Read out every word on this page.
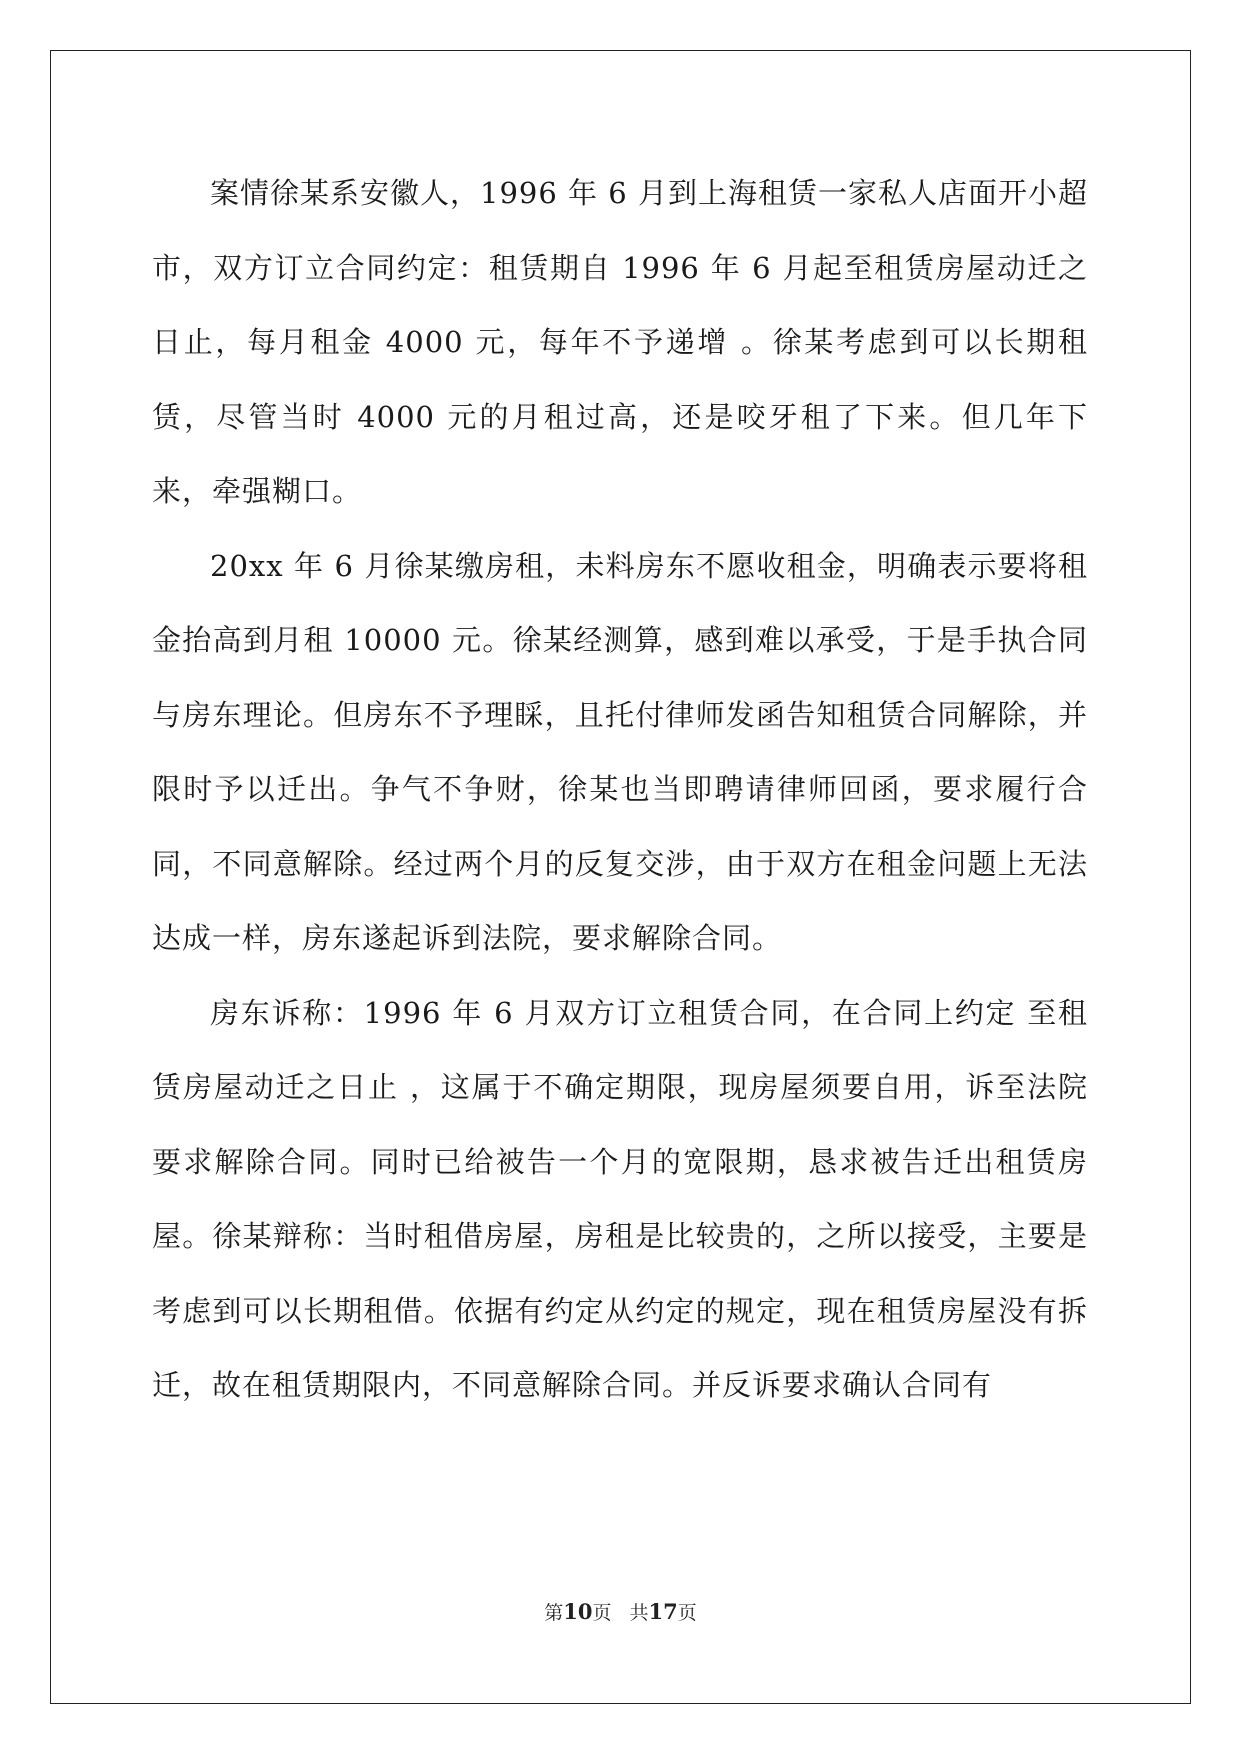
案情徐某系安徽人，1996 年 6 月到上海租赁一家私人店面开小超市，双方订立合同约定：租赁期自 1996 年 6 月起至租赁房屋动迁之日止，每月租金 4000 元，每年不予递增 。徐某考虑到可以长期租赁，尽管当时 4000 元的月租过高，还是咬牙租了下来。但几年下来，牵强糊口。

20xx 年 6 月徐某缴房租，未料房东不愿收租金，明确表示要将租金抬高到月租 10000 元。徐某经测算，感到难以承受，于是手执合同与房东理论。但房东不予理睬，且托付律师发函告知租赁合同解除，并限时予以迁出。争气不争财，徐某也当即聘请律师回函，要求履行合同，不同意解除。经过两个月的反复交涉，由于双方在租金问题上无法达成一样，房东遂起诉到法院，要求解除合同。

房东诉称：1996 年 6 月双方订立租赁合同，在合同上约定 至租赁房屋动迁之日止 ，这属于不确定期限，现房屋须要自用，诉至法院要求解除合同。同时已给被告一个月的宽限期，恳求被告迁出租赁房屋。徐某辩称：当时租借房屋，房租是比较贵的，之所以接受，主要是考虑到可以长期租借。依据有约定从约定的规定，现在租赁房屋没有拆迁，故在租赁期限内，不同意解除合同。并反诉要求确认合同有

第10页 共17页
